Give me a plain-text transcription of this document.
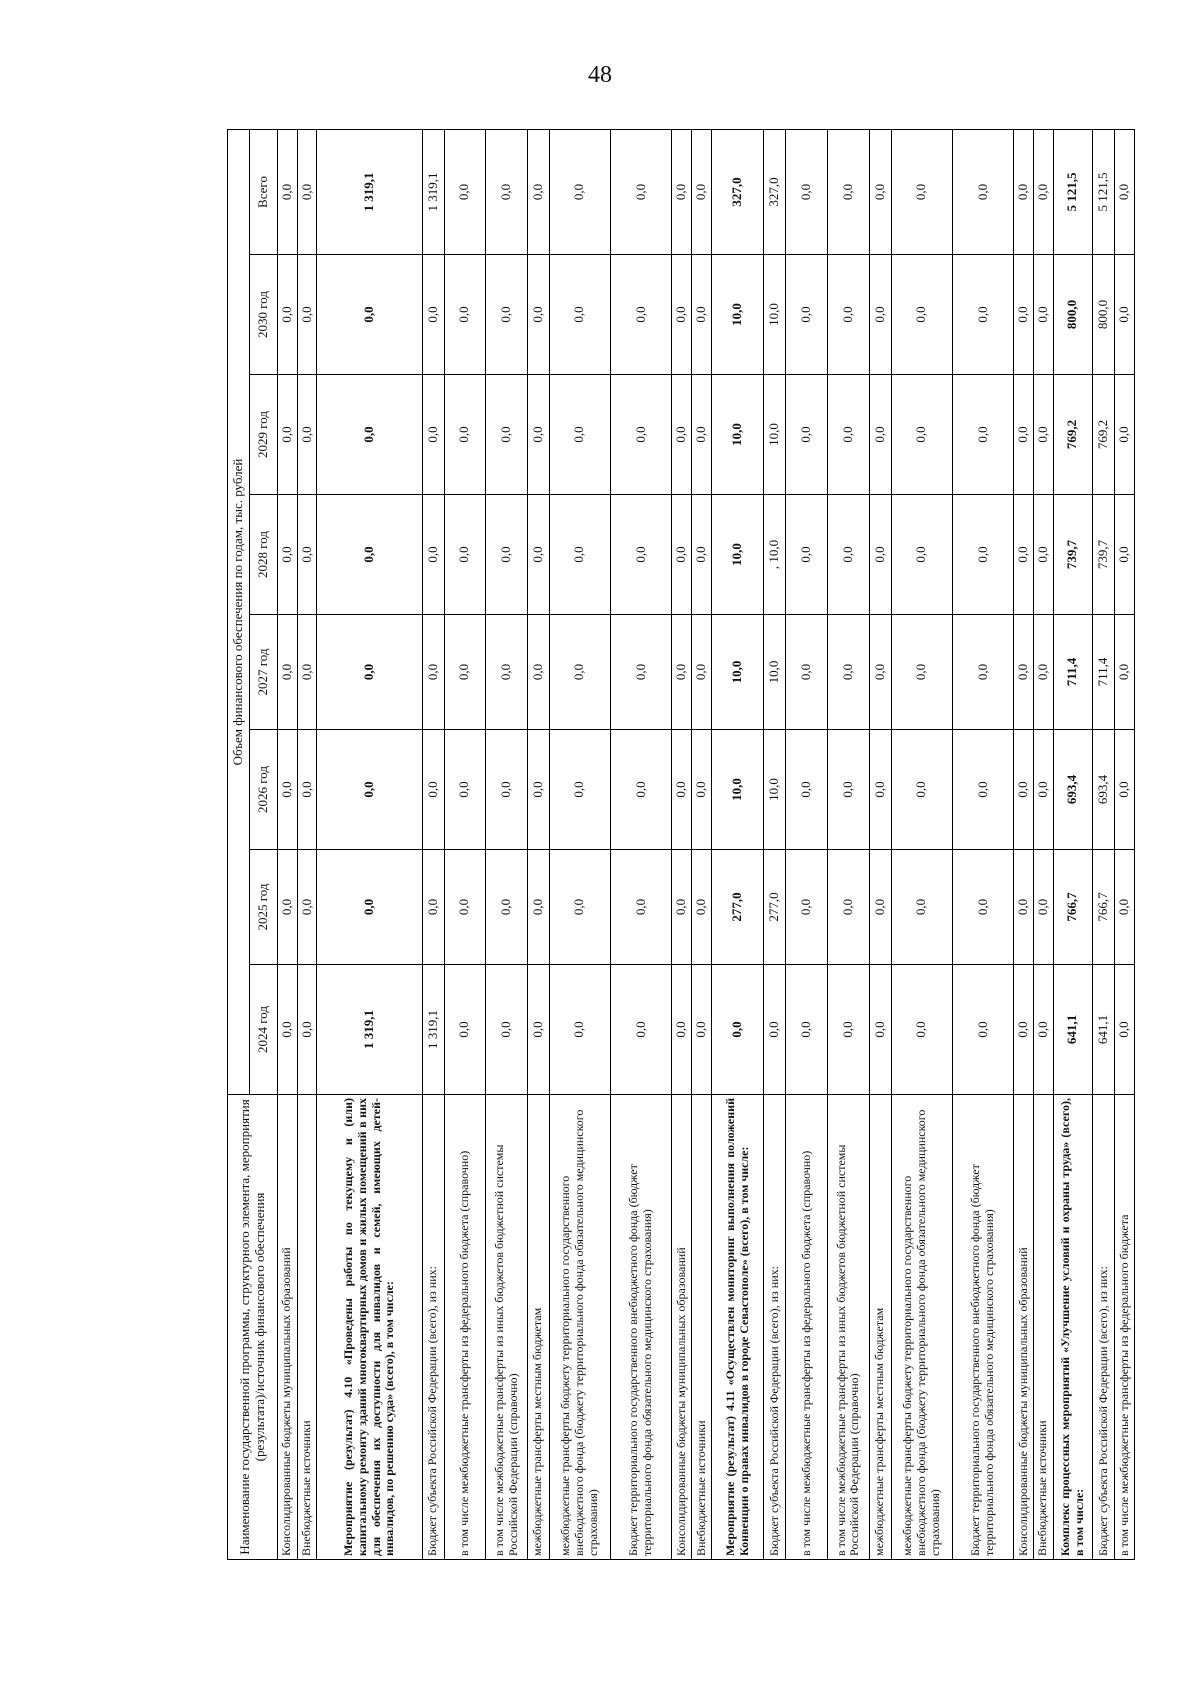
48
Наименование государственной программы, структурного элемента, мероприятия (результата)/источник финансового обеспечения	Объем финансового обеспечения по годам, тыс. рублей							
	2024 год	2025 год	2026 год	2027 год	2028 год	2029 год	2030 год	Всего
Консолидированные бюджеты муниципальных образований	0,0	0,0	0,0	0,0	0,0	0,0	0,0	0,0
Внебюджетные источники	0,0	0,0	0,0	0,0	0,0	0,0	0,0	0,0
Мероприятие (результат) 4.10 «Проведены работы по текущему и (или) капитальному ремонту зданий многоквартирных домов и жилых помещений в них для обеспечения их доступности для инвалидов и семей, имеющих детей-инвалидов, по решению суда» (всего), в том числе:	1 319,1	0,0	0,0	0,0	0,0	0,0	0,0	1 319,1
Бюджет субъекта Российской Федерации (всего), из них:	1 319,1	0,0	0,0	0,0	0,0	0,0	0,0	1 319,1
в том числе межбюджетные трансферты из федерального бюджета (справочно)	0,0	0,0	0,0	0,0	0,0	0,0	0,0	0,0
в том числе межбюджетные трансферты из иных бюджетов бюджетной системы Российской Федерации (справочно)	0,0	0,0	0,0	0,0	0,0	0,0	0,0	0,0
межбюджетные трансферты местным бюджетам	0,0	0,0	0,0	0,0	0,0	0,0	0,0	0,0
межбюджетные трансферты бюджету территориального государственного внебюджетного фонда (бюджету территориального фонда обязательного медицинского страхования)	0,0	0,0	0,0	0,0	0,0	0,0	0,0	0,0
Бюджет территориального государственного внебюджетного фонда (бюджет территориального фонда обязательного медицинского страхования)	0,0	0,0	0,0	0,0	0,0	0,0	0,0	0,0
Консолидированные бюджеты муниципальных образований	0,0	0,0	0,0	0,0	0,0	0,0	0,0	0,0
Внебюджетные источники	0,0	0,0	0,0	0,0	0,0	0,0	0,0	0,0
Мероприятие (результат) 4.11 «Осуществлен мониторинг выполнения положений Конвенции о правах инвалидов в городе Севастополе» (всего), в том числе:	0,0	277,0	10,0	10,0	10,0	10,0	10,0	327,0
Бюджет субъекта Российской Федерации (всего), из них:	0,0	277,0	10,0	10,0	, 10,0	10,0	10,0	327,0
в том числе межбюджетные трансферты из федерального бюджета (справочно)	0,0	0,0	0,0	0,0	0,0	0,0	0,0	0,0
в том числе межбюджетные трансферты из иных бюджетов бюджетной системы Российской Федерации (справочно)	0,0	0,0	0,0	0,0	0,0	0,0	0,0	0,0
межбюджетные трансферты местным бюджетам	0,0	0,0	0,0	0,0	0,0	0,0	0,0	0,0
межбюджетные трансферты бюджету территориального государственного внебюджетного фонда (бюджету территориального фонда обязательного медицинского страхования)	0,0	0,0	0,0	0,0	0,0	0,0	0,0	0,0
Бюджет территориального государственного внебюджетного фонда (бюджет территориального фонда обязательного медицинского страхования)	0,0	0,0	0,0	0,0	0,0	0,0	0,0	0,0
Консолидированные бюджеты муниципальных образований	0,0	0,0	0,0	0,0	0,0	0,0	0,0	0,0
Внебюджетные источники	0,0	0,0	0,0	0,0	0,0	0,0	0,0	0,0
Комплекс процессных мероприятий «Улучшение условий и охраны труда» (всего), в том числе:	641,1	766,7	693,4	711,4	739,7	769,2	800,0	5 121,5
Бюджет субъекта Российской Федерации (всего), из них:	641,1	766,7	693,4	711,4	739,7	769,2	800,0	5 121,5
в том числе межбюджетные трансферты из федерального бюджета	0,0	0,0	0,0	0,0	0,0	0,0	0,0	0,0
